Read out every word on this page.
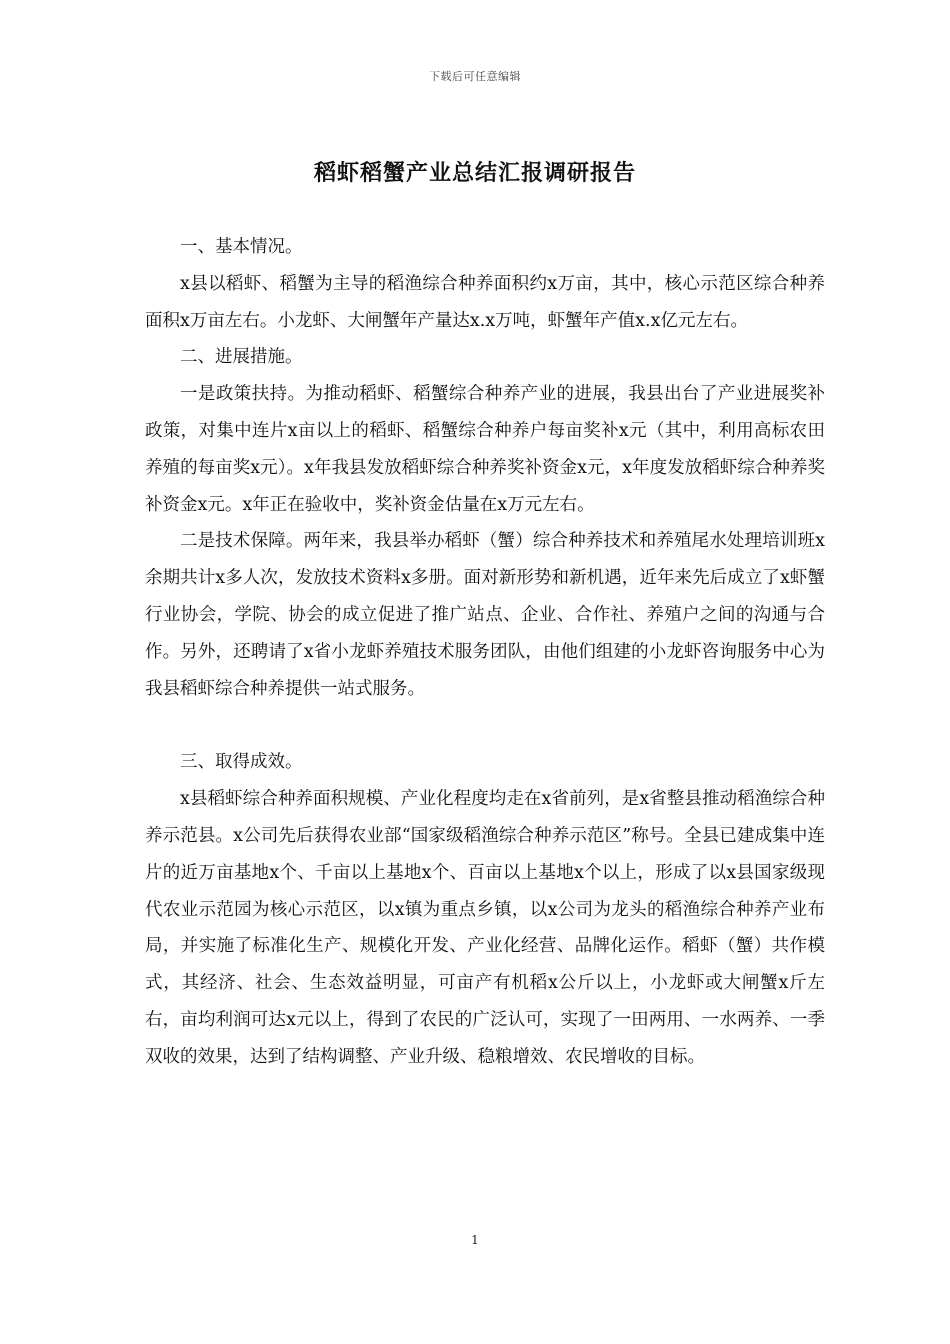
下载后可任意编辑
稻虾稻蟹产业总结汇报调研报告

一、基本情况。

x县以稻虾、稻蟹为主导的稻渔综合种养面积约x万亩，其中，核心示范区综合种养面积x万亩左右。小龙虾、大闸蟹年产量达x.x万吨，虾蟹年产值x.x亿元左右。

二、进展措施。

一是政策扶持。为推动稻虾、稻蟹综合种养产业的进展，我县出台了产业进展奖补政策，对集中连片x亩以上的稻虾、稻蟹综合种养户每亩奖补x元（其中，利用高标农田养殖的每亩奖x元）。x年我县发放稻虾综合种养奖补资金x元，x年度发放稻虾综合种养奖补资金x元。x年正在验收中，奖补资金估量在x万元左右。

二是技术保障。两年来，我县举办稻虾（蟹）综合种养技术和养殖尾水处理培训班x余期共计x多人次，发放技术资料x多册。面对新形势和新机遇，近年来先后成立了x虾蟹行业协会，学院、协会的成立促进了推广站点、企业、合作社、养殖户之间的沟通与合作。另外，还聘请了x省小龙虾养殖技术服务团队，由他们组建的小龙虾咨询服务中心为我县稻虾综合种养提供一站式服务。

三、取得成效。

x县稻虾综合种养面积规模、产业化程度均走在x省前列，是x省整县推动稻渔综合种养示范县。x公司先后获得农业部“国家级稻渔综合种养示范区”称号。全县已建成集中连片的近万亩基地x个、千亩以上基地x个、百亩以上基地x个以上，形成了以x县国家级现代农业示范园为核心示范区，以x镇为重点乡镇，以x公司为龙头的稻渔综合种养产业布局，并实施了标准化生产、规模化开发、产业化经营、品牌化运作。稻虾（蟹）共作模式，其经济、社会、生态效益明显，可亩产有机稻x公斤以上，小龙虾或大闸蟹x斤左右，亩均利润可达x元以上，得到了农民的广泛认可，实现了一田两用、一水两养、一季双收的效果，达到了结构调整、产业升级、稳粮增效、农民增收的目标。

1
